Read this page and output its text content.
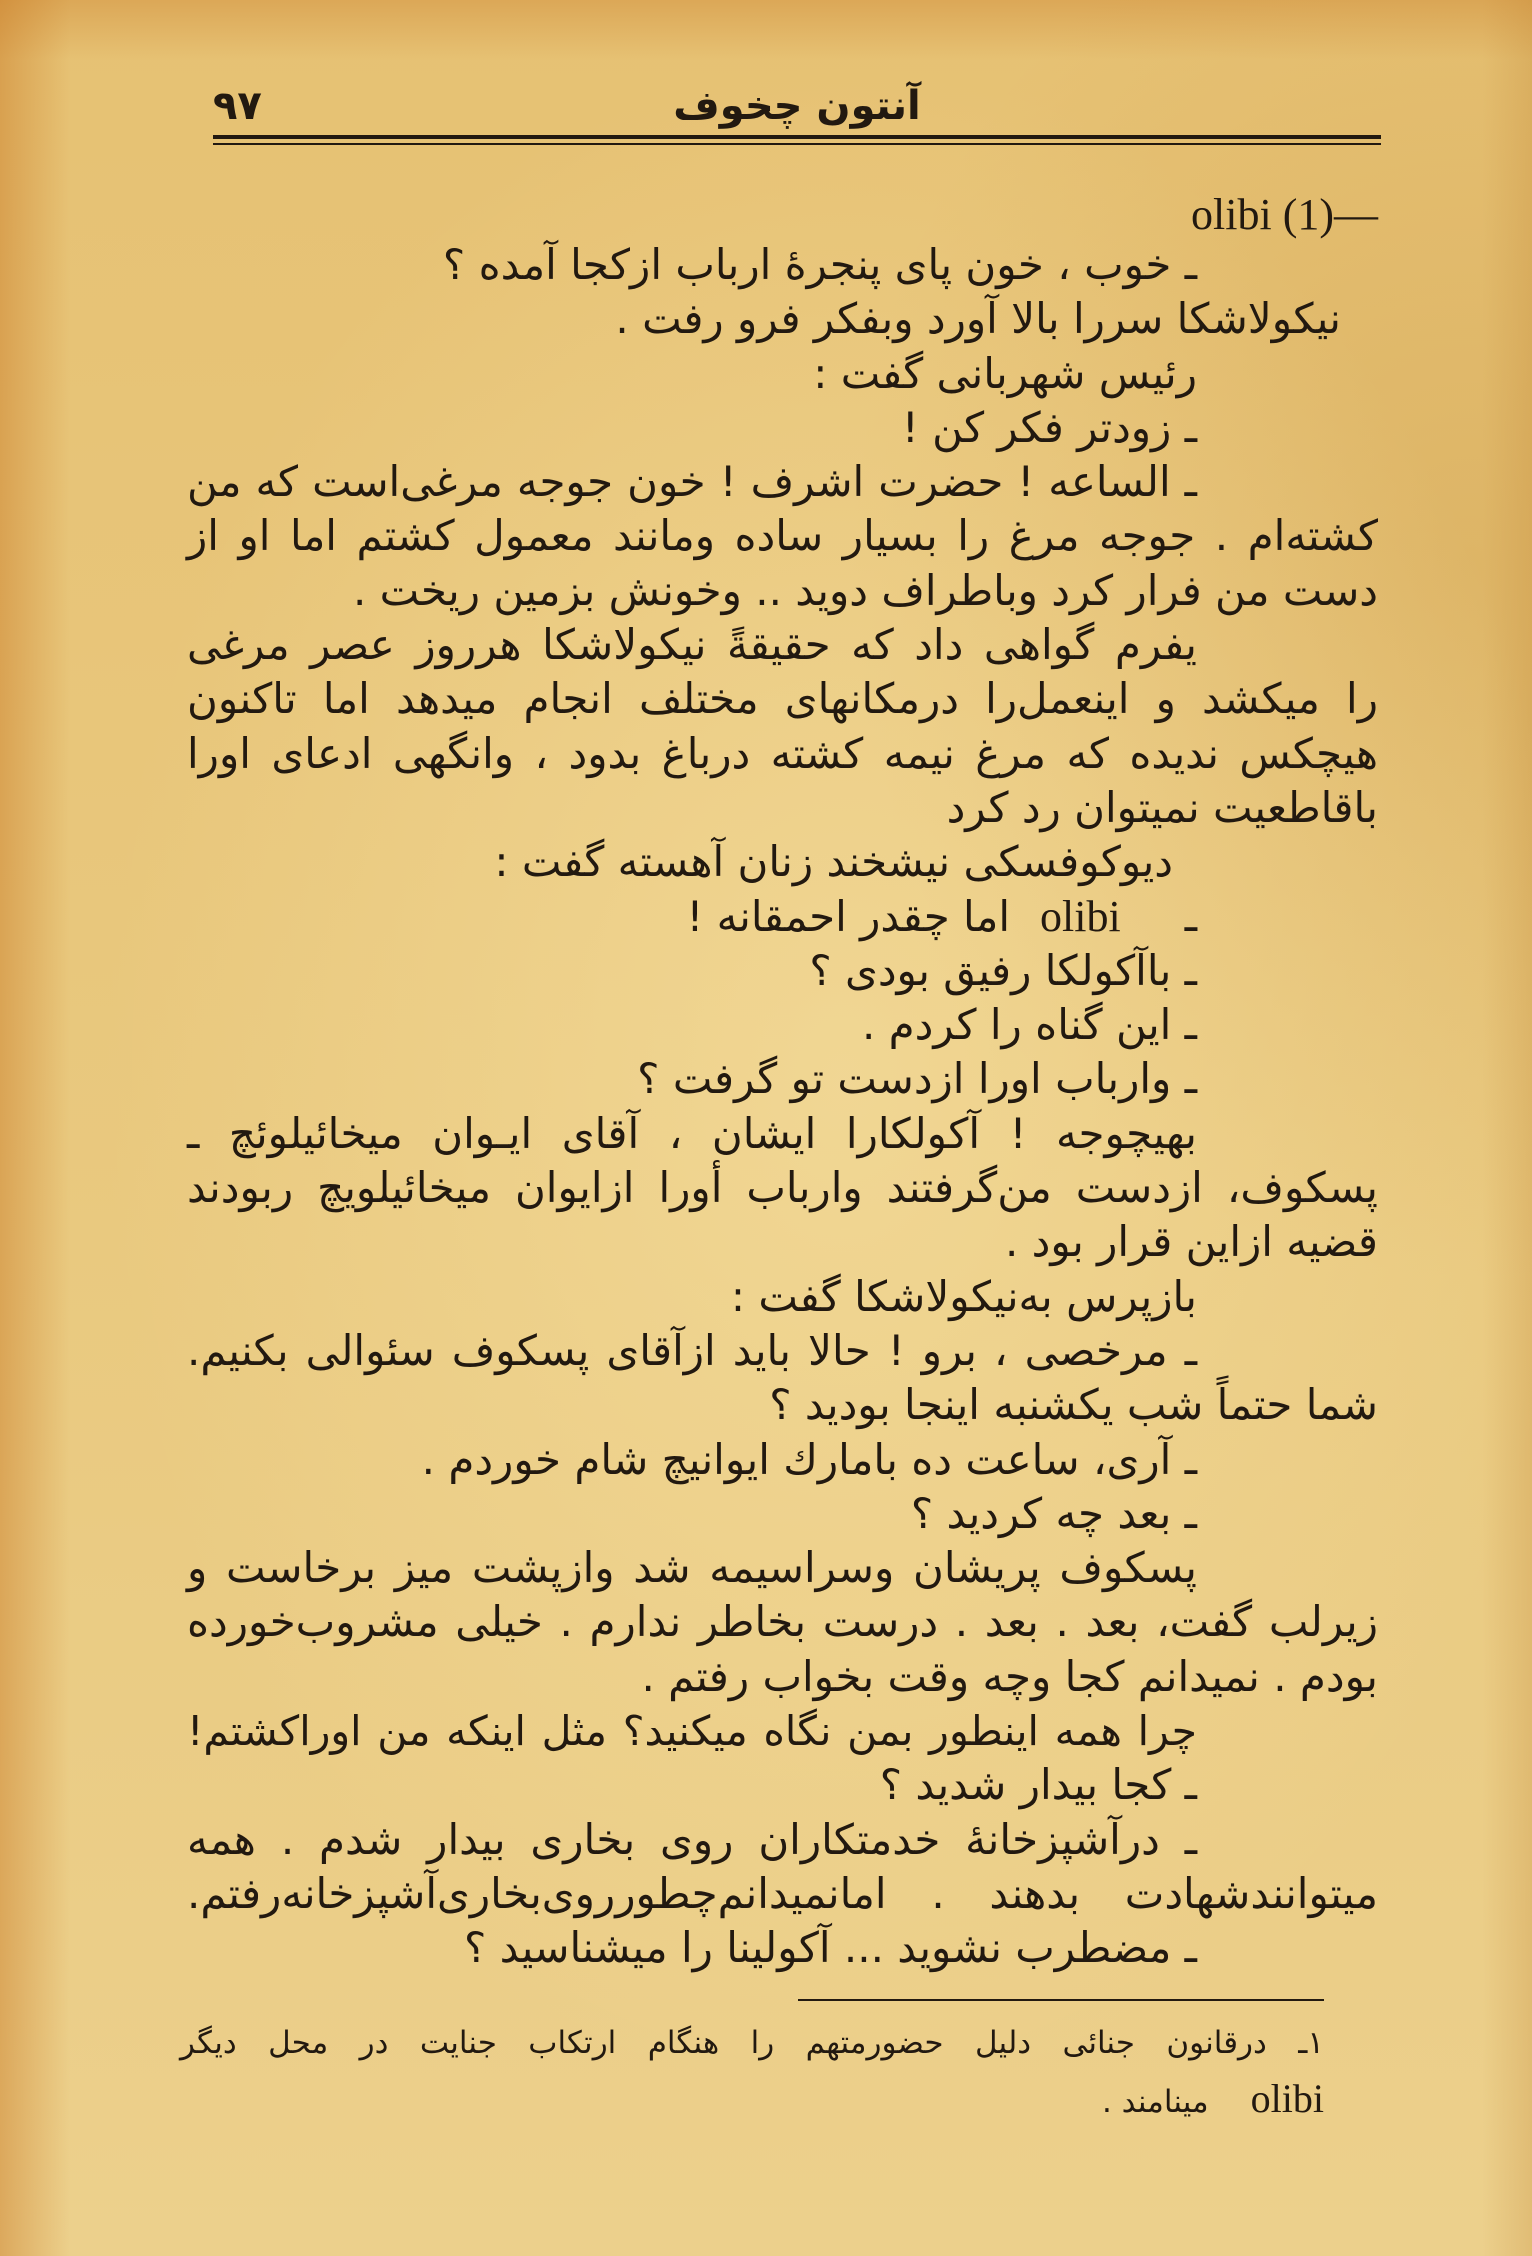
۹۷	آنتون چخوف
olibi (1)—
ـ خوب ، خون پای پنجرۀ ارباب ازکجا آمده ؟
نیکولاشکا سررا بالا آورد وبفکر فرو رفت .
رئیس شهربانی گفت :
ـ زودتر فکر کن !
ـ الساعه ! حضرت اشرف ! خون جوجه مرغی‌است که من
کشته‌ام . جوجه مرغ را بسیار ساده ومانند معمول کشتم اما او از
دست من فرار کرد وباطراف دوید .. وخونش بزمین ریخت .
یفرم گواهی داد که حقیقةً نیکولاشکا هرروز عصر مرغی
را میکشد و اینعمل‌را درمکانهای مختلف انجام میدهد اما تاکنون
هیچکس ندیده که مرغ نیمه کشته درباغ بدود ، وانگهی ادعای اورا
باقاطعیت نمیتوان رد کرد
دیوکوفسکی نیشخند زنان آهسته گفت :
ـolibiاما چقدر احمقانه !
ـ باآکولکا رفیق بودی ؟
ـ این گناه را کردم .
ـ وارباب اورا ازدست تو گرفت ؟
بهیچوجه ! آکولکارا ایشان ، آقای ایـوان میخائیلوئچ ـ
پسکوف، ازدست من‌گرفتند وارباب أورا ازایوان میخائیلویچ ربودند
قضیه ازاین قرار بود .
بازپرس به‌نیکولاشکا گفت :
ـ مرخصی ، برو ! حالا باید ازآقای پسکوف سئوالی بکنیم.
شما حتماً شب یکشنبه اینجا بودید ؟
ـ آری، ساعت ده بامارك ایوانیچ شام خوردم .
ـ بعد چه کردید ؟
پسکوف پریشان وسراسیمه شد وازپشت میز برخاست و
زیرلب گفت، بعد . بعد . درست بخاطر ندارم . خیلی مشروب‌خورده
بودم . نمیدانم کجا وچه وقت بخواب رفتم .
چرا همه اینطور بمن نگاه میکنید؟ مثل اینکه من اوراکشتم!
ـ کجا بیدار شدید ؟
ـ درآشپزخانۀ خدمتکاران روی بخاری بیدار شدم . همه
میتوانندشهادت بدهند . امانمیدانم‌چطورروی‌بخاری‌آشپزخانه‌رفتم.
ـ مضطرب نشوید ... آکولینا را میشناسید ؟
۱ـ درقانون جنائی دلیل حضورمتهم را هنگام ارتکاب جنایت در محل دیگر
olibiمینامند .
